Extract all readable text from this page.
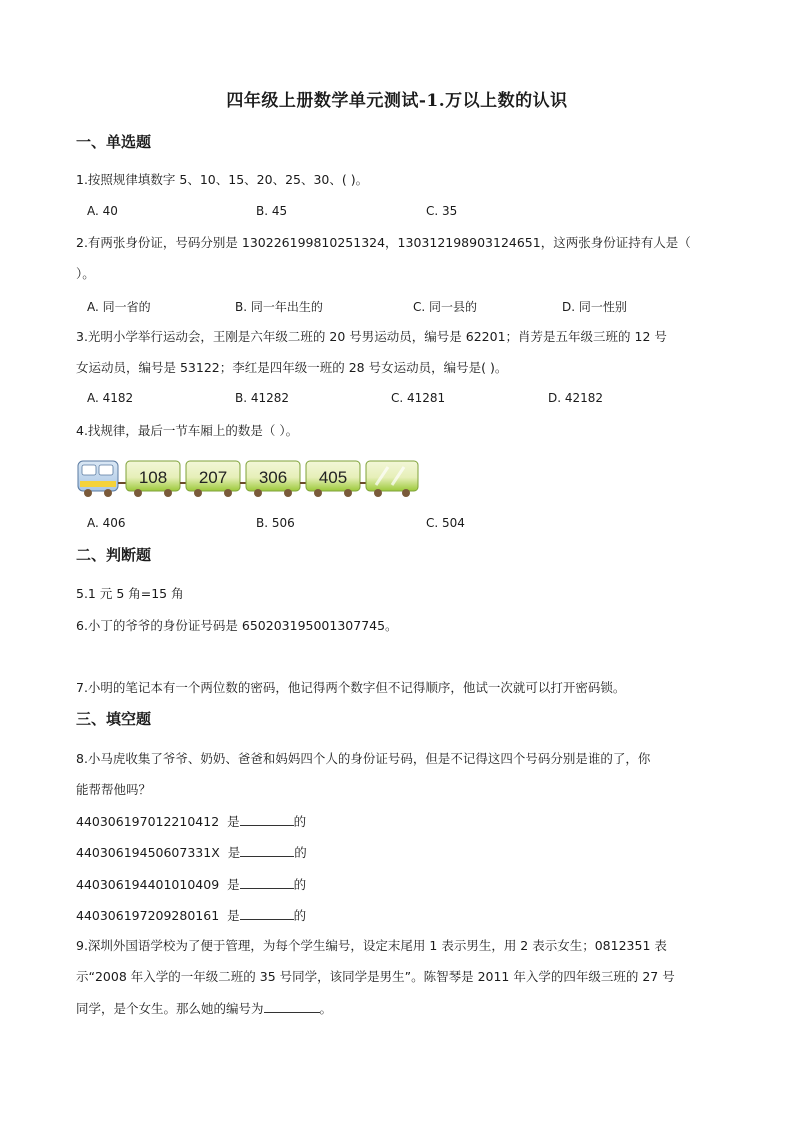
四年级上册数学单元测试-1.万以上数的认识
一、单选题
1.按照规律填数字 5、10、15、20、25、30、( )。
A. 40	B. 45	C. 35
2.有两张身份证，号码分别是 130226199810251324，130312198903124651，这两张身份证持有人是（
）。
A. 同一省的	B. 同一年出生的	C. 同一县的	D. 同一性别
3.光明小学举行运动会，王刚是六年级二班的 20 号男运动员，编号是 62201；肖芳是五年级三班的 12 号
女运动员，编号是 53122；李红是四年级一班的 28 号女运动员，编号是( )。
A. 4182	B. 41282	C. 41281	D. 42182
4.找规律，最后一节车厢上的数是（ ）。
108 207 306 405
A. 406	B. 506	C. 504
二、判断题
5.1 元 5 角=15 角
6.小丁的爷爷的身份证号码是 650203195001307745。
7.小明的笔记本有一个两位数的密码，他记得两个数字但不记得顺序，他试一次就可以打开密码锁。
三、填空题
8.小马虎收集了爷爷、奶奶、爸爸和妈妈四个人的身份证号码，但是不记得这四个号码分别是谁的了，你
能帮帮他吗？
440306197012210412 是	的
44030619450607331X 是	的
440306194401010409 是	的
440306197209280161 是	的
9.深圳外国语学校为了便于管理，为每个学生编号，设定末尾用 1 表示男生，用 2 表示女生；0812351 表
示“2008 年入学的一年级二班的 35 号同学，该同学是男生”。陈智琴是 2011 年入学的四年级三班的 27 号
同学，是个女生。那么她的编号为	。
